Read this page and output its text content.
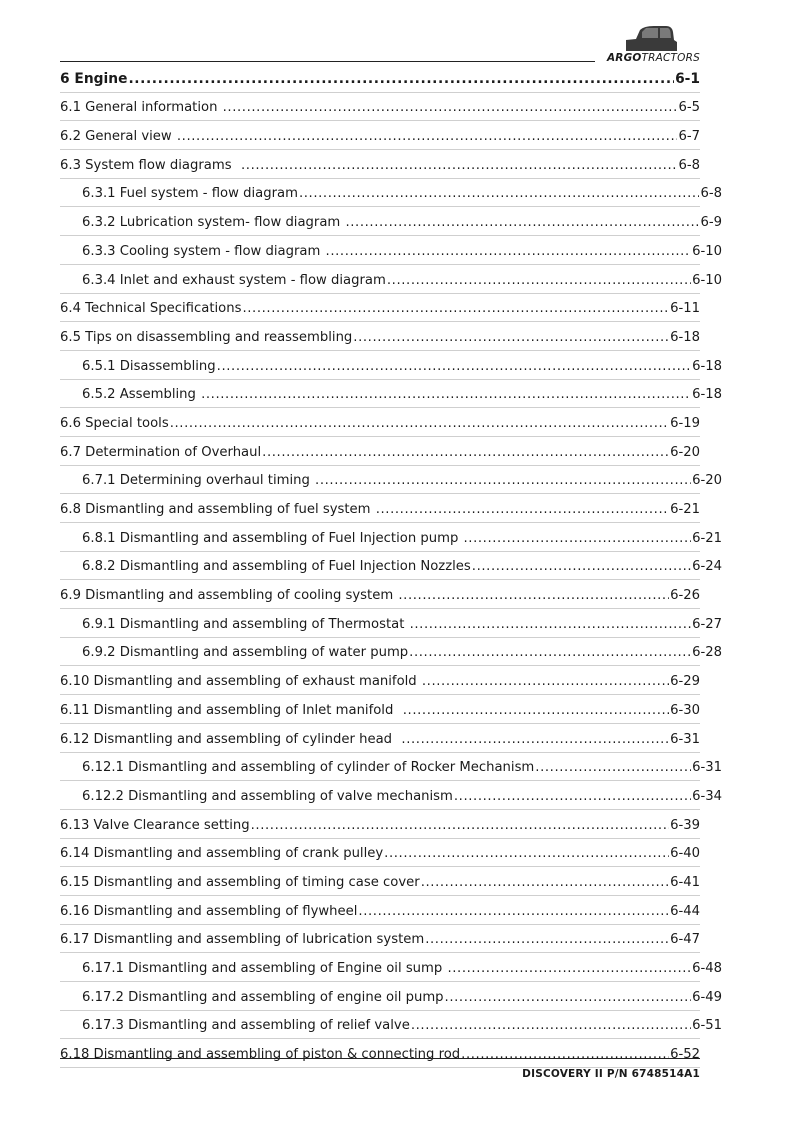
ARGOTRACTORS
6 Engine .....	6-1
6.1 General information .....	6-5
6.2 General view .....	6-7
6.3 System flow diagrams .....	6-8
6.3.1 Fuel system - flow diagram .....	6-8
6.3.2 Lubrication system- flow diagram .....	6-9
6.3.3 Cooling system - flow diagram .....	6-10
6.3.4 Inlet and exhaust system - flow diagram .....	6-10
6.4 Technical Specifications .....	6-11
6.5 Tips on disassembling and reassembling .....	6-18
6.5.1 Disassembling .....	6-18
6.5.2 Assembling .....	6-18
6.6 Special tools .....	6-19
6.7 Determination of Overhaul .....	6-20
6.7.1 Determining overhaul timing .....	6-20
6.8 Dismantling and assembling of fuel system .....	6-21
6.8.1 Dismantling and assembling of Fuel Injection pump .....	6-21
6.8.2 Dismantling and assembling of Fuel Injection Nozzles .....	6-24
6.9 Dismantling and assembling of cooling system .....	6-26
6.9.1 Dismantling and assembling of Thermostat .....	6-27
6.9.2 Dismantling and assembling of water pump .....	6-28
6.10 Dismantling and assembling of exhaust manifold .....	6-29
6.11 Dismantling and assembling of Inlet manifold .....	6-30
6.12 Dismantling and assembling of cylinder head .....	6-31
6.12.1 Dismantling and assembling of cylinder of Rocker Mechanism .....	6-31
6.12.2 Dismantling and assembling of valve mechanism .....	6-34
6.13 Valve Clearance setting .....	6-39
6.14 Dismantling and assembling of crank pulley .....	6-40
6.15 Dismantling and assembling of timing case cover .....	6-41
6.16 Dismantling and assembling of flywheel .....	6-44
6.17 Dismantling and assembling of lubrication system .....	6-47
6.17.1 Dismantling and assembling of Engine oil sump .....	6-48
6.17.2 Dismantling and assembling of engine oil pump .....	6-49
6.17.3 Dismantling and assembling of relief valve .....	6-51
6.18 Dismantling and assembling of piston & connecting rod .....	6-52
DISCOVERY II P/N 6748514A1
